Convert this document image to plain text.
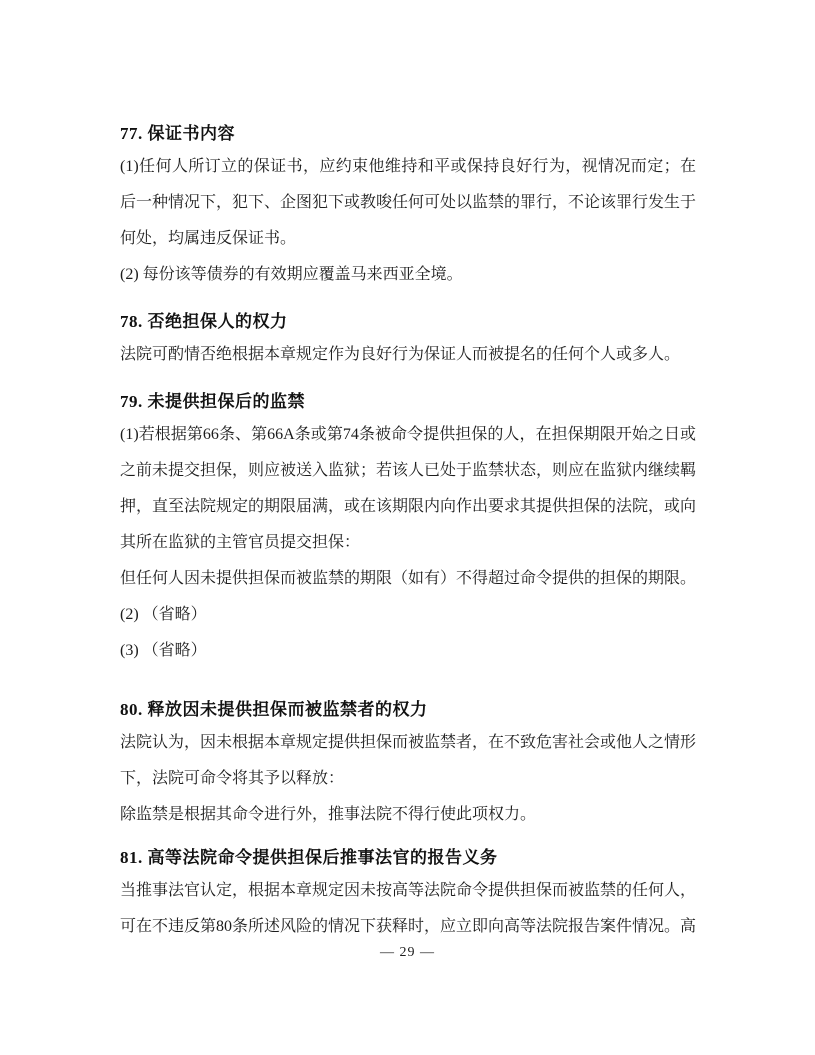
77. 保证书内容

(1)任何人所订立的保证书，应约束他维持和平或保持良好行为，视情况而定；在后一种情况下，犯下、企图犯下或教唆任何可处以监禁的罪行，不论该罪行发生于何处，均属违反保证书。

(2) 每份该等债券的有效期应覆盖马来西亚全境。

78. 否绝担保人的权力

法院可酌情否绝根据本章规定作为良好行为保证人而被提名的任何个人或多人。

79. 未提供担保后的监禁

(1)若根据第66条、第66A条或第74条被命令提供担保的人，在担保期限开始之日或之前未提交担保，则应被送入监狱；若该人已处于监禁状态，则应在监狱内继续羁押，直至法院规定的期限届满，或在该期限内向作出要求其提供担保的法院，或向其所在监狱的主管官员提交担保：

但任何人因未提供担保而被监禁的期限（如有）不得超过命令提供的担保的期限。

(2) （省略）

(3) （省略）

80. 释放因未提供担保而被监禁者的权力

法院认为，因未根据本章规定提供担保而被监禁者，在不致危害社会或他人之情形下，法院可命令将其予以释放：

除监禁是根据其命令进行外，推事法院不得行使此项权力。

81. 高等法院命令提供担保后推事法官的报告义务

当推事法官认定，根据本章规定因未按高等法院命令提供担保而被监禁的任何人，可在不违反第80条所述风险的情况下获释时，应立即向高等法院报告案件情况。高

— 29 —
